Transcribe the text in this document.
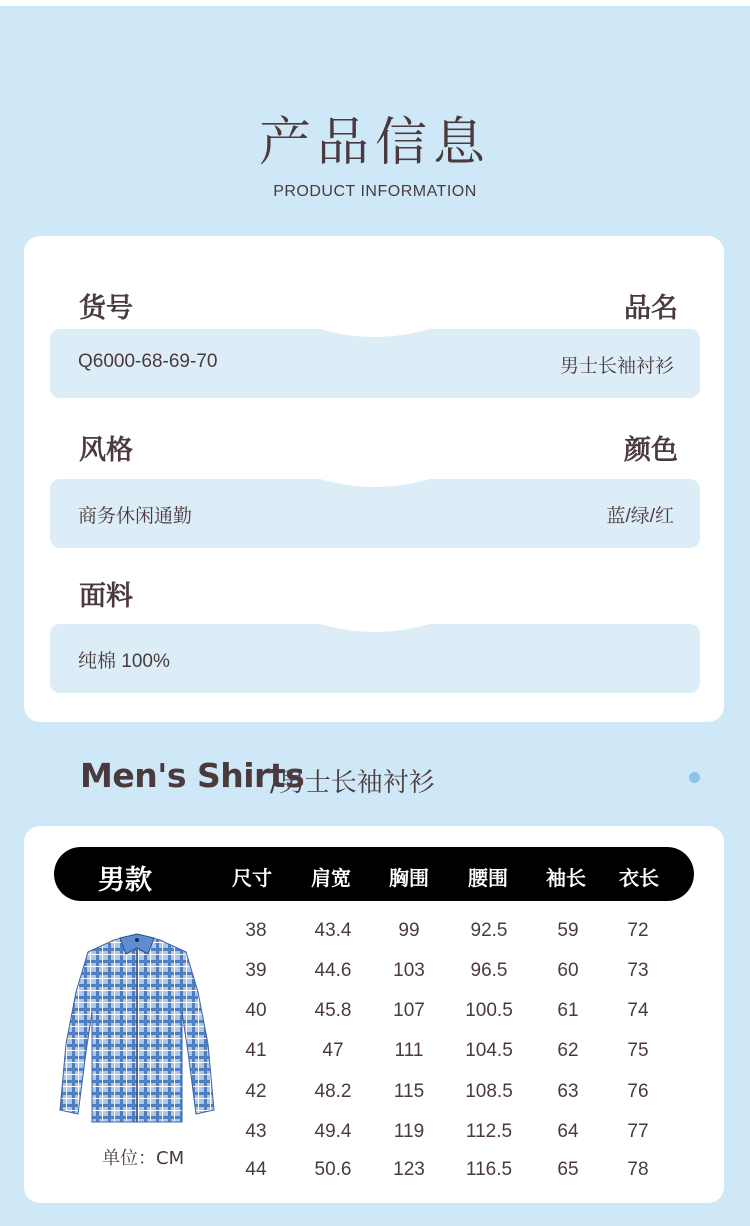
产品信息
PRODUCT INFORMATION
货号	品名
Q6000-68-69-70	男士长袖衬衫
风格	颜色
商务休闲通勤	蓝/绿/红
面料
纯棉 100%
Men's Shirts
/男士长袖衬衫
男款	尺寸	肩宽	胸围	腰围	袖长	衣长
单位：CM
38	43.4	99	92.5	59	72
39	44.6	103	96.5	60	73
40	45.8	107	100.5	61	74
41	47	111	104.5	62	75
42	48.2	115	108.5	63	76
43	49.4	119	112.5	64	77
44	50.6	123	116.5	65	78
